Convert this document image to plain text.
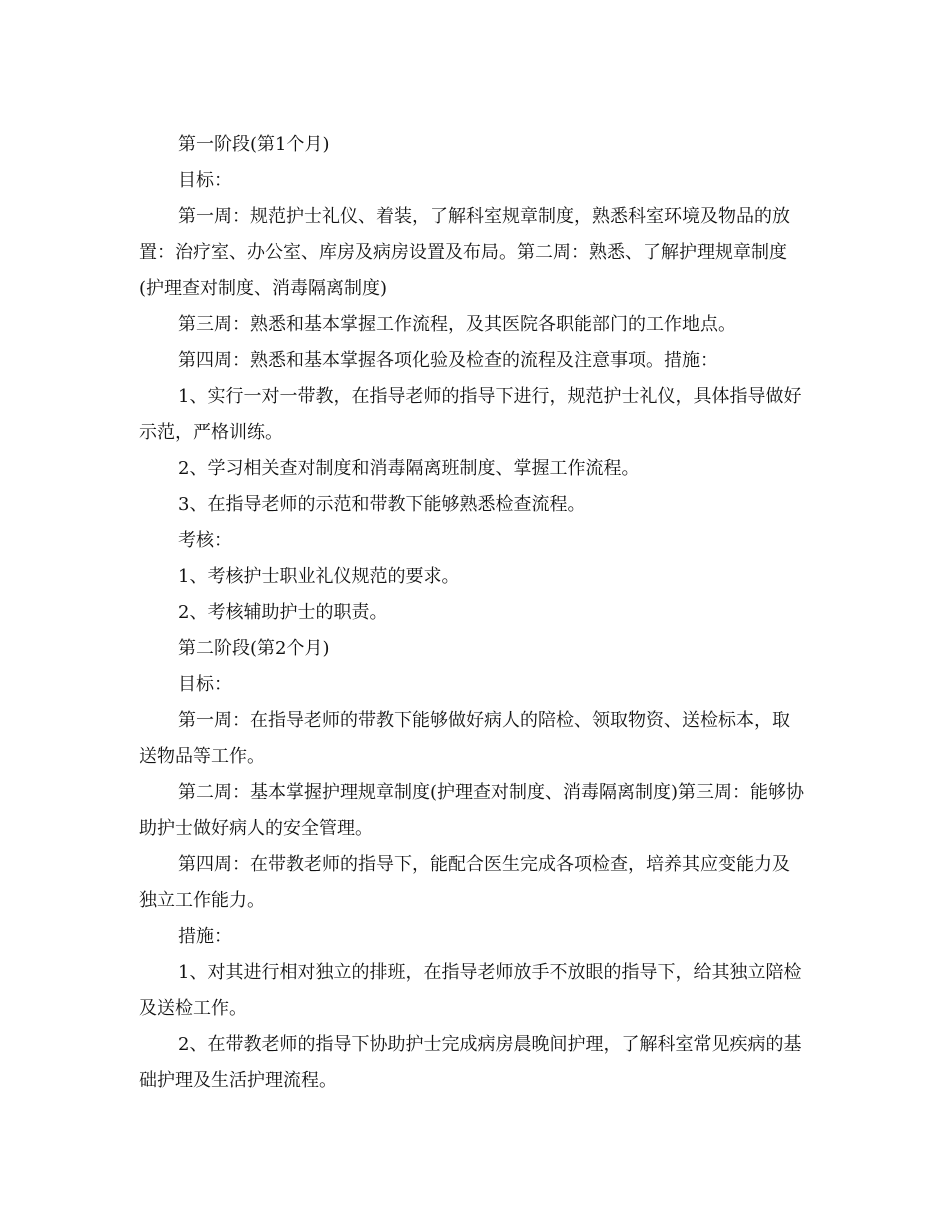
第一阶段(第1个月)

目标：

第一周：规范护士礼仪、着装，了解科室规章制度，熟悉科室环境及物品的放置：治疗室、办公室、库房及病房设置及布局。第二周：熟悉、了解护理规章制度(护理查对制度、消毒隔离制度)

第三周：熟悉和基本掌握工作流程，及其医院各职能部门的工作地点。

第四周：熟悉和基本掌握各项化验及检查的流程及注意事项。措施：

1、实行一对一带教，在指导老师的指导下进行，规范护士礼仪，具体指导做好示范，严格训练。

2、学习相关查对制度和消毒隔离班制度、掌握工作流程。

3、在指导老师的示范和带教下能够熟悉检查流程。

考核：

1、考核护士职业礼仪规范的要求。

2、考核辅助护士的职责。

第二阶段(第2个月)

目标：

第一周：在指导老师的带教下能够做好病人的陪检、领取物资、送检标本，取送物品等工作。

第二周：基本掌握护理规章制度(护理查对制度、消毒隔离制度)第三周：能够协助护士做好病人的安全管理。

第四周：在带教老师的指导下，能配合医生完成各项检查，培养其应变能力及独立工作能力。

措施：

1、对其进行相对独立的排班，在指导老师放手不放眼的指导下，给其独立陪检及送检工作。

2、在带教老师的指导下协助护士完成病房晨晚间护理，了解科室常见疾病的基础护理及生活护理流程。
